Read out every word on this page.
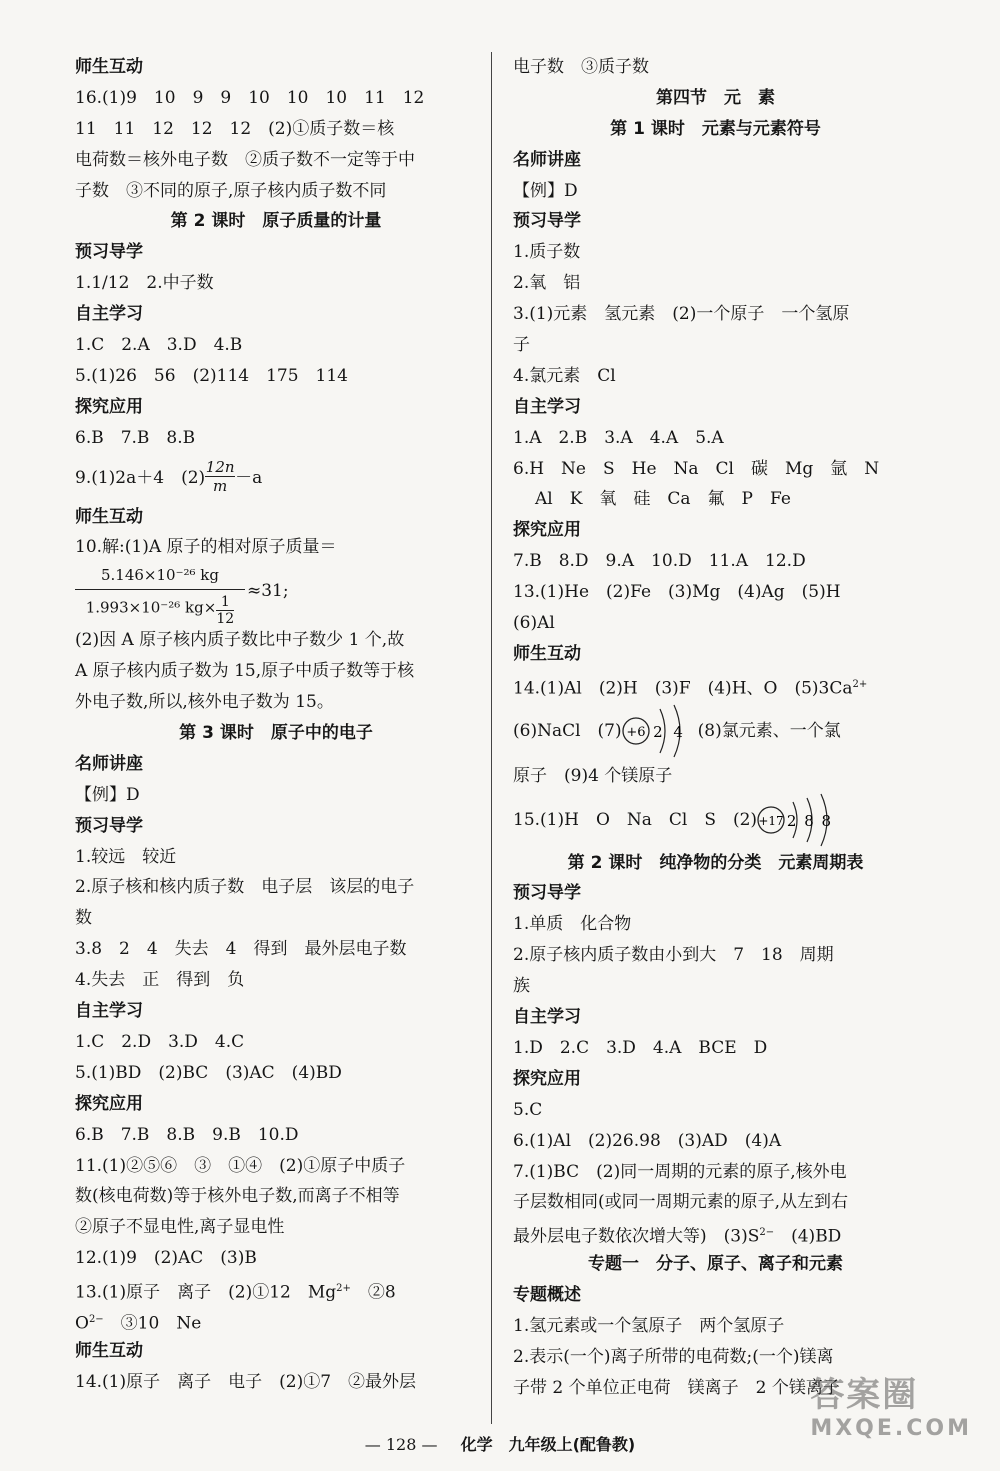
师生互动
16.(1)9　10　9　9　10　10　10　11　12
11　11　12　12　12　(2)①质子数＝核
电荷数＝核外电子数　②质子数不一定等于中
子数　③不同的原子,原子核内质子数不同
第 2 课时　原子质量的计量
预习导学
1.1/12　2.中子数
自主学习
1.C　2.A　3.D　4.B
5.(1)26　56　(2)114　175　114
探究应用
6.B　7.B　8.B
9.(1)2a＋4　$(2) \frac{12n}{m} -a$
师生互动
10.解:(1)A 原子的相对原子质量＝
5.146×10⁻²⁶ kg
1.993×10⁻²⁶ $kg\times \frac{1}{12}$
≈31;
(2)因 A 原子核内质子数比中子数少 1 个,故
A 原子核内质子数为 15,原子中质子数等于核
外电子数,所以,核外电子数为 15。
第 3 课时　原子中的电子
名师讲座
【例】D
预习导学
1.较远　较近
2.原子核和核内质子数　电子层　该层的电子
数
3.8　2　4　失去　4　得到　最外层电子数
4.失去　正　得到　负
自主学习
1.C　2.D　3.D　4.C
5.(1)BD　(2)BC　(3)AC　(4)BD
探究应用
6.B　7.B　8.B　9.B　10.D
11.(1)②⑤⑥　③　①④　(2)①原子中质子
数(核电荷数)等于核外电子数,而离子不相等
②原子不显电性,离子显电性
12.(1)9　(2)AC　(3)B
13.(1)原子　离子　(2)①12　$Mg^{2+}$　②8
$O^{2-}$　③10　Ne
师生互动
14.(1)原子　离子　电子　(2)①7　②最外层
电子数　③质子数
第四节　元　素
第 1 课时　元素与元素符号
名师讲座
【例】D
预习导学
1.质子数
2.氧　铝
3.(1)元素　氢元素　(2)一个原子　一个氢原
子
4.氯元素　Cl
自主学习
1.A　2.B　3.A　4.A　5.A
6.H　Ne　S　He　Na　Cl　碳　Mg　氩　N
Al　K　氧　硅　Ca　氟　P　Fe
探究应用
7.B　8.D　9.A　10.D　11.A　12.D
13.(1)He　(2)Fe　(3)Mg　(4)Ag　(5)H
(6)Al
师生互动
14.(1)Al　(2)H　(3)F　(4)H、O　$(5)3Ca^{2+}$
(6)NaCl　(7) +6 2 4 (8)氯元素、一个氯
原子　(9)4 个镁原子
15.(1)H　O　Na　Cl　S　(2) +17 2 8 8
第 2 课时　纯净物的分类　元素周期表
预习导学
1.单质　化合物
2.原子核内质子数由小到大　7　18　周期
族
自主学习
1.D　2.C　3.D　4.A　BCE　D
探究应用
5.C
6.(1)Al　(2)26.98　(3)AD　(4)A
7.(1)BC　(2)同一周期的元素的原子,核外电
子层数相同(或同一周期元素的原子,从左到右
最外层电子数依次增大等)　$(3)S^{2-}$　(4)BD
专题一　分子、原子、离子和元素
专题概述
1.氢元素或一个氢原子　两个氢原子
2.表示(一个)离子所带的电荷数;(一个)镁离
子带 2 个单位正电荷　镁离子　2 个镁离子
— 128 — 化学　九年级上(配鲁教)
答案圈
MXQE.COM
